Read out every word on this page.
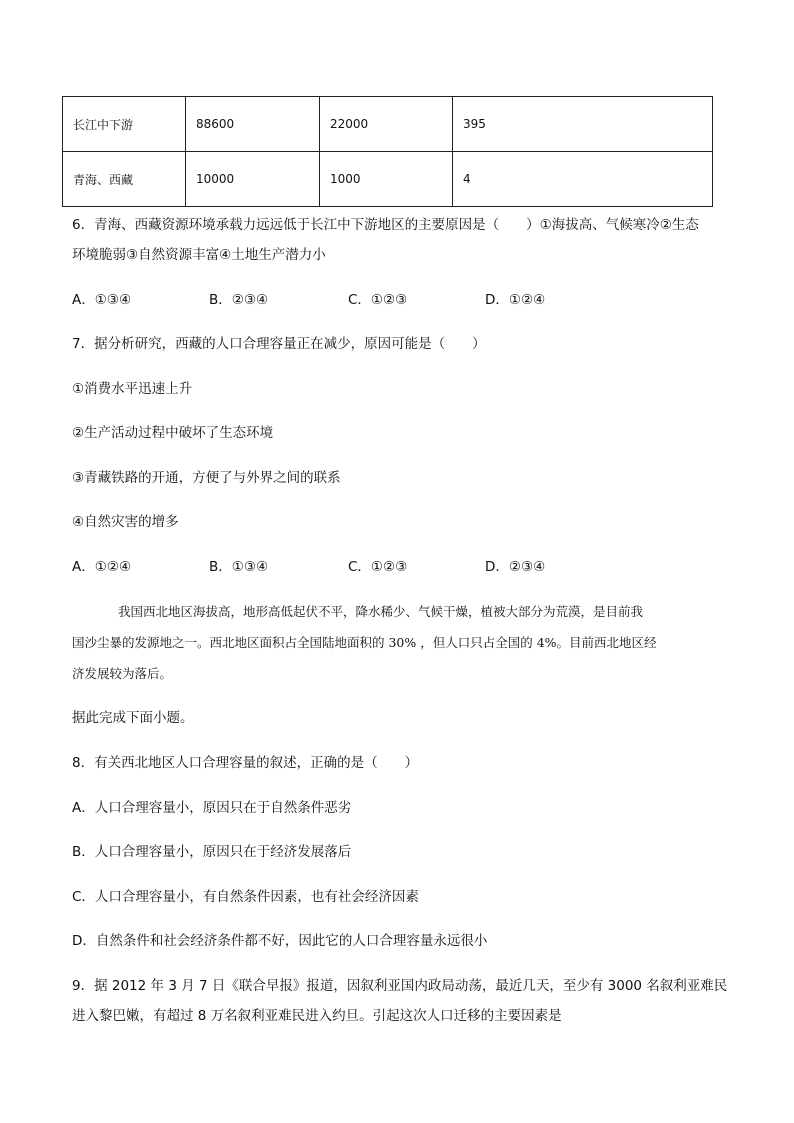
长江中下游	88600	22000	395
青海、西藏	10000	1000	4
6．青海、西藏资源环境承载力远远低于长江中下游地区的主要原因是（　　）①海拔高、气候寒冷②生态
环境脆弱③自然资源丰富④土地生产潜力小
A．①③④	B．②③④	C．①②③	D．①②④
7．据分析研究，西藏的人口合理容量正在减少，原因可能是（　　）
①消费水平迅速上升
②生产活动过程中破坏了生态环境
③青藏铁路的开通，方便了与外界之间的联系
④自然灾害的增多
A．①②④	B．①③④	C．①②③	D．②③④
我国西北地区海拔高，地形高低起伏不平，降水稀少、气候干燥，植被大部分为荒漠，是目前我
国沙尘暴的发源地之一。西北地区面积占全国陆地面积的 30% ，但人口只占全国的 4%。目前西北地区经
济发展较为落后。
据此完成下面小题。
8．有关西北地区人口合理容量的叙述，正确的是（　　）
A．人口合理容量小，原因只在于自然条件恶劣
B．人口合理容量小，原因只在于经济发展落后
C．人口合理容量小，有自然条件因素，也有社会经济因素
D．自然条件和社会经济条件都不好，因此它的人口合理容量永远很小
9．据 2012 年 3 月 7 日《联合早报》报道，因叙利亚国内政局动荡，最近几天，至少有 3000 名叙利亚难民
进入黎巴嫩，有超过 8 万名叙利亚难民进入约旦。引起这次人口迁移的主要因素是
